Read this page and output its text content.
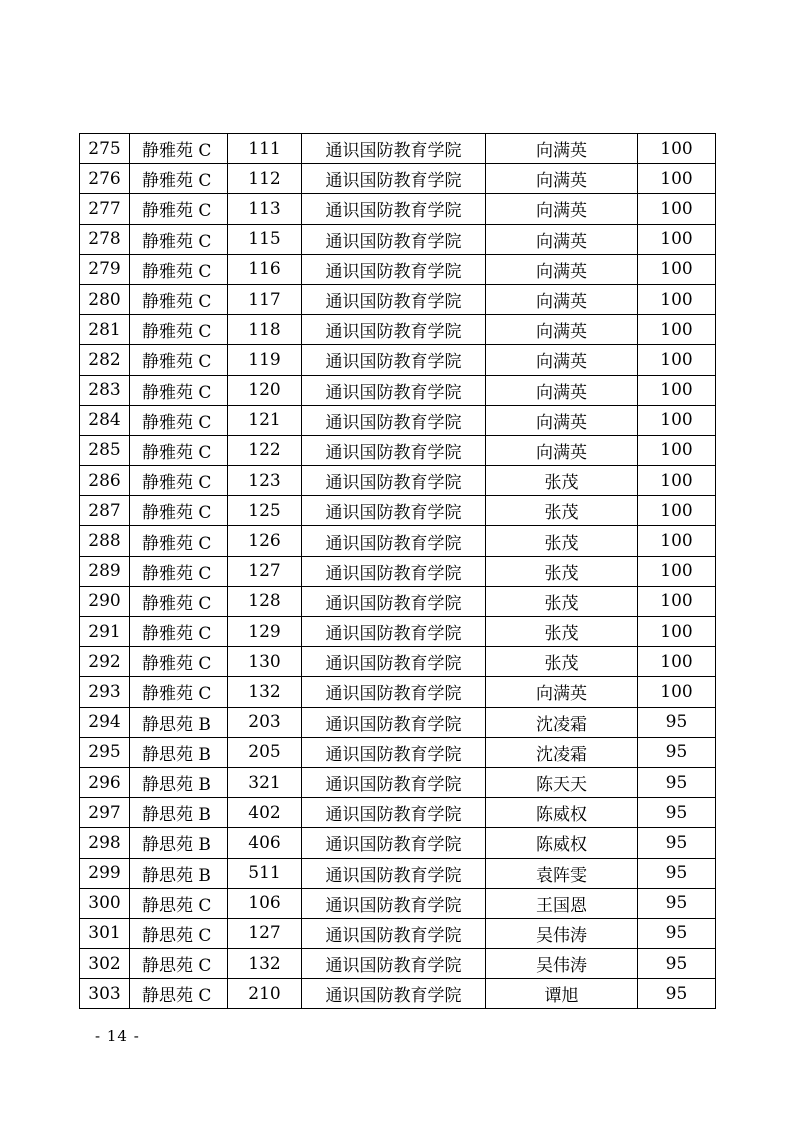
275	静雅苑 C	111	通识国防教育学院	向满英	100
276	静雅苑 C	112	通识国防教育学院	向满英	100
277	静雅苑 C	113	通识国防教育学院	向满英	100
278	静雅苑 C	115	通识国防教育学院	向满英	100
279	静雅苑 C	116	通识国防教育学院	向满英	100
280	静雅苑 C	117	通识国防教育学院	向满英	100
281	静雅苑 C	118	通识国防教育学院	向满英	100
282	静雅苑 C	119	通识国防教育学院	向满英	100
283	静雅苑 C	120	通识国防教育学院	向满英	100
284	静雅苑 C	121	通识国防教育学院	向满英	100
285	静雅苑 C	122	通识国防教育学院	向满英	100
286	静雅苑 C	123	通识国防教育学院	张茂	100
287	静雅苑 C	125	通识国防教育学院	张茂	100
288	静雅苑 C	126	通识国防教育学院	张茂	100
289	静雅苑 C	127	通识国防教育学院	张茂	100
290	静雅苑 C	128	通识国防教育学院	张茂	100
291	静雅苑 C	129	通识国防教育学院	张茂	100
292	静雅苑 C	130	通识国防教育学院	张茂	100
293	静雅苑 C	132	通识国防教育学院	向满英	100
294	静思苑 B	203	通识国防教育学院	沈凌霜	95
295	静思苑 B	205	通识国防教育学院	沈凌霜	95
296	静思苑 B	321	通识国防教育学院	陈天天	95
297	静思苑 B	402	通识国防教育学院	陈威权	95
298	静思苑 B	406	通识国防教育学院	陈威权	95
299	静思苑 B	511	通识国防教育学院	袁阵雯	95
300	静思苑 C	106	通识国防教育学院	王国恩	95
301	静思苑 C	127	通识国防教育学院	吴伟涛	95
302	静思苑 C	132	通识国防教育学院	吴伟涛	95
303	静思苑 C	210	通识国防教育学院	谭旭	95
- 14 -
